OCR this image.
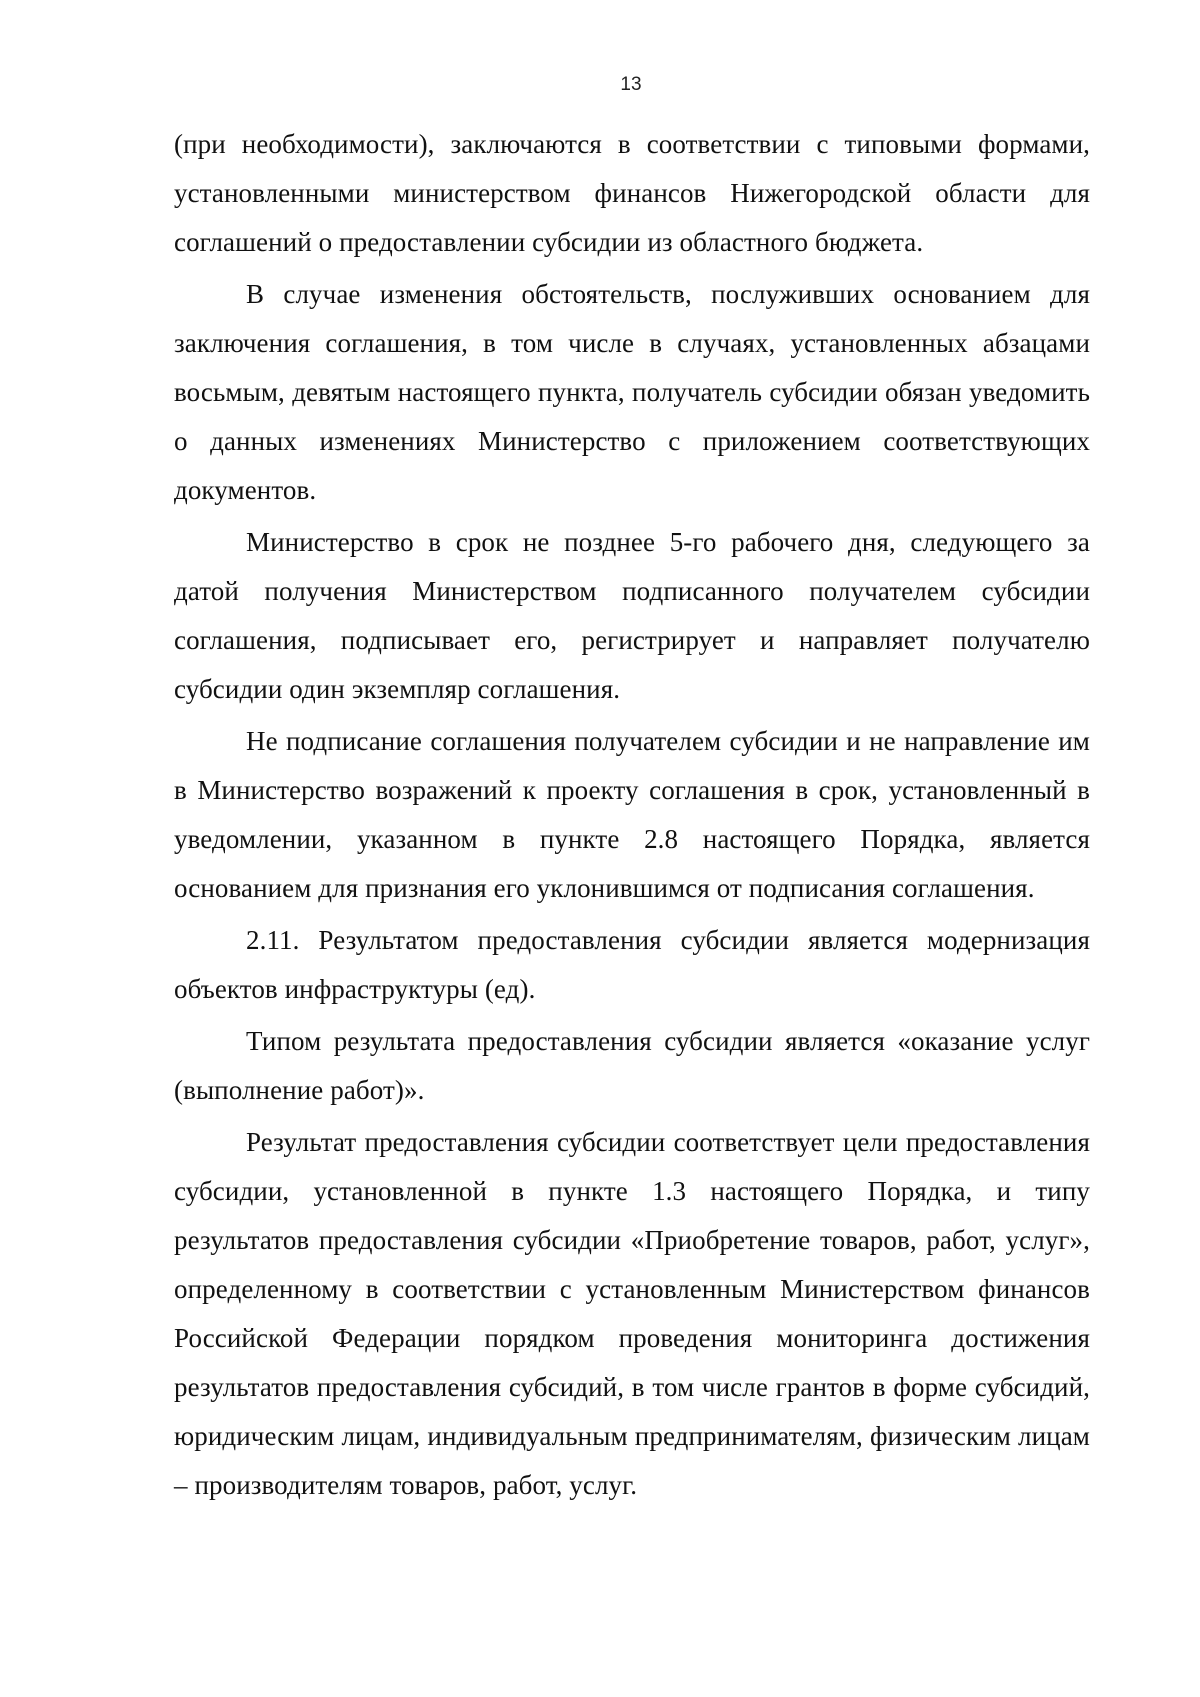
13

(при необходимости), заключаются в соответствии с типовыми формами, установленными министерством финансов Нижегородской области для соглашений о предоставлении субсидии из областного бюджета.

В случае изменения обстоятельств, послуживших основанием для заключения соглашения, в том числе в случаях, установленных абзацами восьмым, девятым настоящего пункта, получатель субсидии обязан уведомить о данных изменениях Министерство с приложением соответствующих документов.

Министерство в срок не позднее 5-го рабочего дня, следующего за датой получения Министерством подписанного получателем субсидии соглашения, подписывает его, регистрирует и направляет получателю субсидии один экземпляр соглашения.

Не подписание соглашения получателем субсидии и не направление им в Министерство возражений к проекту соглашения в срок, установленный в уведомлении, указанном в пункте 2.8 настоящего Порядка, является основанием для признания его уклонившимся от подписания соглашения.

2.11. Результатом предоставления субсидии является модернизация объектов инфраструктуры (ед).

Типом результата предоставления субсидии является «оказание услуг (выполнение работ)».

Результат предоставления субсидии соответствует цели предоставления субсидии, установленной в пункте 1.3 настоящего Порядка, и типу результатов предоставления субсидии «Приобретение товаров, работ, услуг», определенному в соответствии с установленным Министерством финансов Российской Федерации порядком проведения мониторинга достижения результатов предоставления субсидий, в том числе грантов в форме субсидий, юридическим лицам, индивидуальным предпринимателям, физическим лицам – производителям товаров, работ, услуг.
